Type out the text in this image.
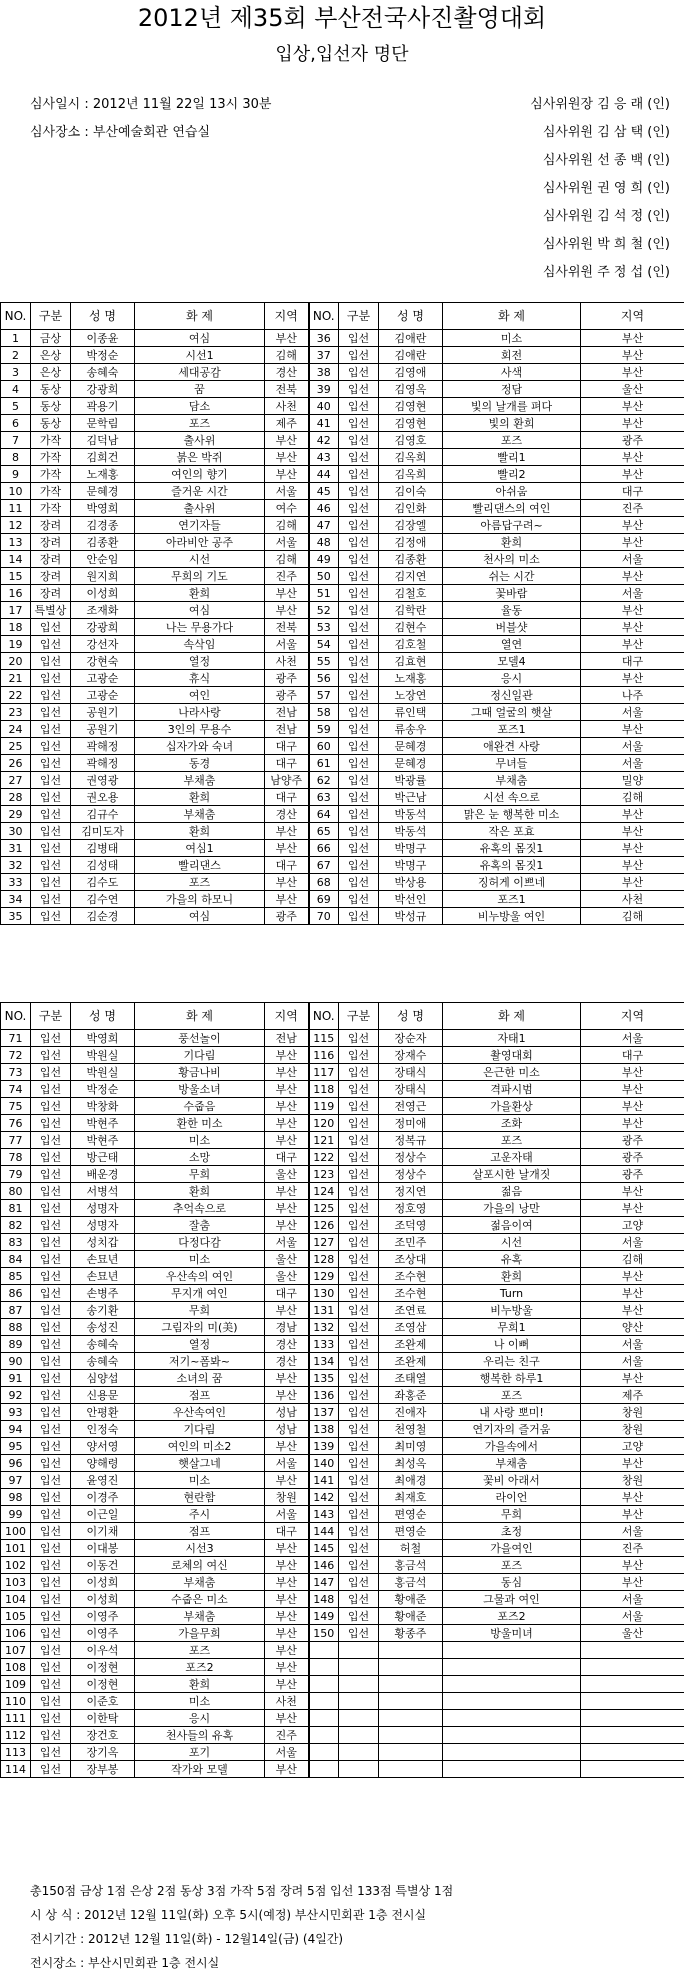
2012년 제35회 부산전국사진촬영대회
입상,입선자 명단
심사일시 : 2012년 11월 22일 13시 30분
심사장소 : 부산예술회관 연습실
심사위원장 김 응 래 (인)
심사위원 김 삼 택 (인)
심사위원 선 종 백 (인)
심사위원 권 영 희 (인)
심사위원 김 석 정 (인)
심사위원 박 희 철 (인)
심사위원 주 정 섭 (인)
NO.	구분	성 명	화 제	지역	NO.	구분	성 명	화 제	지역
1	금상	이종윤	여심	부산	36	입선	김애란	미소	부산
2	은상	박정순	시선1	김해	37	입선	김애란	회전	부산
3	은상	송혜숙	세대공감	경산	38	입선	김영애	사색	부산
4	동상	강광희	꿈	전북	39	입선	김영옥	정담	울산
5	동상	곽용기	담소	사천	40	입선	김영현	빛의 날개를 펴다	부산
6	동상	문학림	포즈	제주	41	입선	김영현	빛의 환희	부산
7	가작	김덕남	출사위	부산	42	입선	김영호	포즈	광주
8	가작	김희건	붉은 박쥐	부산	43	입선	김옥희	빨리1	부산
9	가작	노재홍	여인의 향기	부산	44	입선	김옥희	빨리2	부산
10	가작	문혜경	즐거운 시간	서울	45	입선	김이숙	아쉬움	대구
11	가작	박영희	출사위	여수	46	입선	김인화	빨리댄스의 여인	진주
12	장려	김경종	연기자들	김해	47	입선	김장엘	아름답구려~	부산
13	장려	김종환	아라비안 공주	서울	48	입선	김정애	환희	부산
14	장려	안순임	시선	김해	49	입선	김종환	천사의 미소	서울
15	장려	원지희	무희의 기도	진주	50	입선	김지연	쉬는 시간	부산
16	장려	이성희	환희	부산	51	입선	김철호	꽃바람	서울
17	특별상	조재화	여심	부산	52	입선	김학란	율동	부산
18	입선	강광희	나는 무용가다	전북	53	입선	김현수	버블샷	부산
19	입선	강선자	속삭임	서울	54	입선	김호철	열연	부산
20	입선	강현숙	열정	사천	55	입선	김효현	모델4	대구
21	입선	고광순	휴식	광주	56	입선	노재홍	응시	부산
22	입선	고광순	여인	광주	57	입선	노장연	정신일관	나주
23	입선	공원기	나라사랑	전남	58	입선	류인택	그때 얼굴의 햇살	서울
24	입선	공원기	3인의 무용수	전남	59	입선	류송우	포즈1	부산
25	입선	곽해정	십자가와 숙녀	대구	60	입선	문혜경	애완견 사랑	서울
26	입선	곽해정	동경	대구	61	입선	문혜경	무녀들	서울
27	입선	권영광	부채춤	남양주	62	입선	박광률	부채춤	밀양
28	입선	권오용	환희	대구	63	입선	박근남	시선 속으로	김해
29	입선	김규수	부채춤	경산	64	입선	박동석	맑은 눈 행복한 미소	부산
30	입선	김미도자	환희	부산	65	입선	박동석	작은 포효	부산
31	입선	김병태	여심1	부산	66	입선	박명구	유혹의 몸짓1	부산
32	입선	김성태	빨리댄스	대구	67	입선	박명구	유혹의 몸짓1	부산
33	입선	김수도	포즈	부산	68	입선	박상용	징허게 이쁘네	부산
34	입선	김수연	가을의 하모니	부산	69	입선	박선인	포즈1	사천
35	입선	김순경	여심	광주	70	입선	박성규	비누방울 여인	김해
NO.	구분	성 명	화 제	지역	NO.	구분	성 명	화 제	지역
71	입선	박영희	풍선놀이	전남	115	입선	장순자	자태1	서울
72	입선	박원실	기다림	부산	116	입선	장재수	촬영대회	대구
73	입선	박원실	황금나비	부산	117	입선	장태식	은근한 미소	부산
74	입선	박정순	방울소녀	부산	118	입선	장태식	격파시범	부산
75	입선	박창화	수줍음	부산	119	입선	전영근	가을환상	부산
76	입선	박현주	환한 미소	부산	120	입선	정미애	조화	부산
77	입선	박현주	미소	부산	121	입선	정복규	포즈	광주
78	입선	방근태	소망	대구	122	입선	정상수	고운자태	광주
79	입선	배운경	무희	울산	123	입선	정상수	살포시한 날개짓	광주
80	입선	서병석	환희	부산	124	입선	정지연	젊음	부산
81	입선	성명자	추억속으로	부산	125	입선	정호영	가을의 낭만	부산
82	입선	성명자	잘춤	부산	126	입선	조덕영	젊음이여	고양
83	입선	성치갑	다정다감	서울	127	입선	조민주	시선	서울
84	입선	손묘년	미소	울산	128	입선	조상대	유혹	김해
85	입선	손묘년	우산속의 여인	울산	129	입선	조수현	환희	부산
86	입선	손병주	무지개 여인	대구	130	입선	조수현	Turn	부산
87	입선	송기환	무희	부산	131	입선	조연료	비누방울	부산
88	입선	송성진	그림자의 미(美)	경남	132	입선	조영삼	무희1	양산
89	입선	송혜숙	열정	경산	133	입선	조완제	나 이뻐	서울
90	입선	송혜숙	저기~폼봐~	경산	134	입선	조완제	우리는 친구	서울
91	입선	심양섭	소녀의 꿈	부산	135	입선	조태열	행복한 하루1	부산
92	입선	신용문	점프	부산	136	입선	좌홍준	포즈	제주
93	입선	안평환	우산속여인	성남	137	입선	진애자	내 사랑 뽀미!	창원
94	입선	인정숙	기다림	성남	138	입선	천영철	연기자의 즐거움	창원
95	입선	양서영	여인의 미소2	부산	139	입선	최미영	가을속에서	고양
96	입선	양해령	햇살그네	서울	140	입선	최성옥	부채춤	부산
97	입선	윤영진	미소	부산	141	입선	최애경	꽃비 아래서	창원
98	입선	이경주	현란함	창원	142	입선	최재호	라이언	부산
99	입선	이근일	주시	서울	143	입선	편영순	무희	부산
100	입선	이기채	점프	대구	144	입선	편영순	초정	서울
101	입선	이대봉	시선3	부산	145	입선	허철	가을여인	진주
102	입선	이동건	로체의 여신	부산	146	입선	홍금석	포즈	부산
103	입선	이성희	부채춤	부산	147	입선	홍금석	동심	부산
104	입선	이성희	수줍은 미소	부산	148	입선	황애준	그물과 여인	서울
105	입선	이영주	부채춤	부산	149	입선	황애준	포즈2	서울
106	입선	이영주	가을무희	부산	150	입선	황종주	방울미녀	울산
107	입선	이우석	포즈	부산					
108	입선	이정현	포즈2	부산					
109	입선	이정현	환희	부산					
110	입선	이준호	미소	사천					
111	입선	이한탁	응시	부산					
112	입선	장건호	천사들의 유혹	진주					
113	입선	장기옥	포기	서울					
114	입선	장부봉	작가와 모델	부산					
총150점 금상 1점 은상 2점 동상 3점 가작 5점 장려 5점 입선 133점 특별상 1점
시 상 식 : 2012년 12월 11일(화) 오후 5시(예정) 부산시민회관 1층 전시실
전시기간 : 2012년 12월 11일(화) - 12월14일(금) (4일간)
전시장소 : 부산시민회관 1층 전시실
